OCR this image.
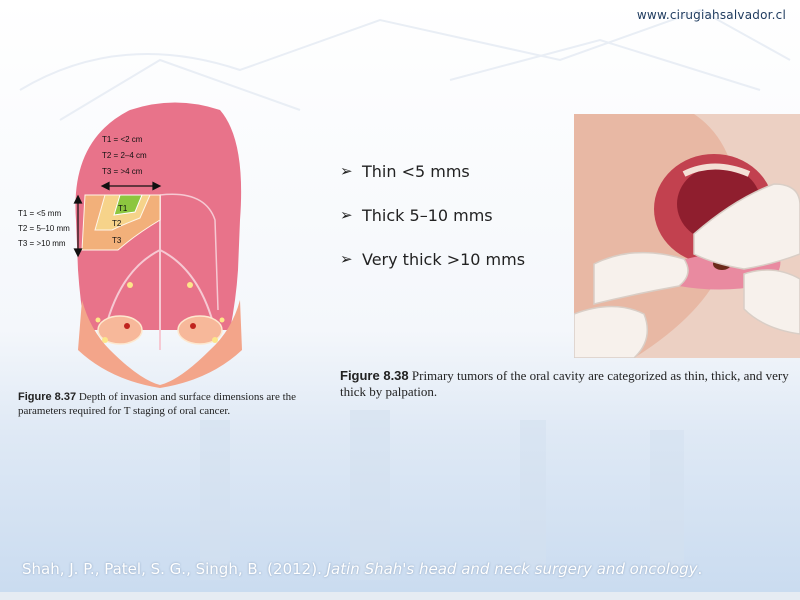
www.cirugiahsalvador.cl
T1
T2
T3
T1 = <2 cm
T2 = 2–4 cm
T3 = >4 cm
T1 = <5 mm
T2 = 5–10 mm
T3 = >10 mm
Figure 8.37 Depth of invasion and surface dimensions are the parameters required for T staging of oral cancer.
➢ Thin <5 mms
➢ Thick 5–10 mms
➢ Very thick >10 mms
Figure 8.38 Primary tumors of the oral cavity are categorized as thin, thick, and very thick by palpation.
Shah, J. P., Patel, S. G., Singh, B. (2012). Jatin Shah's head and neck surgery and oncology.
